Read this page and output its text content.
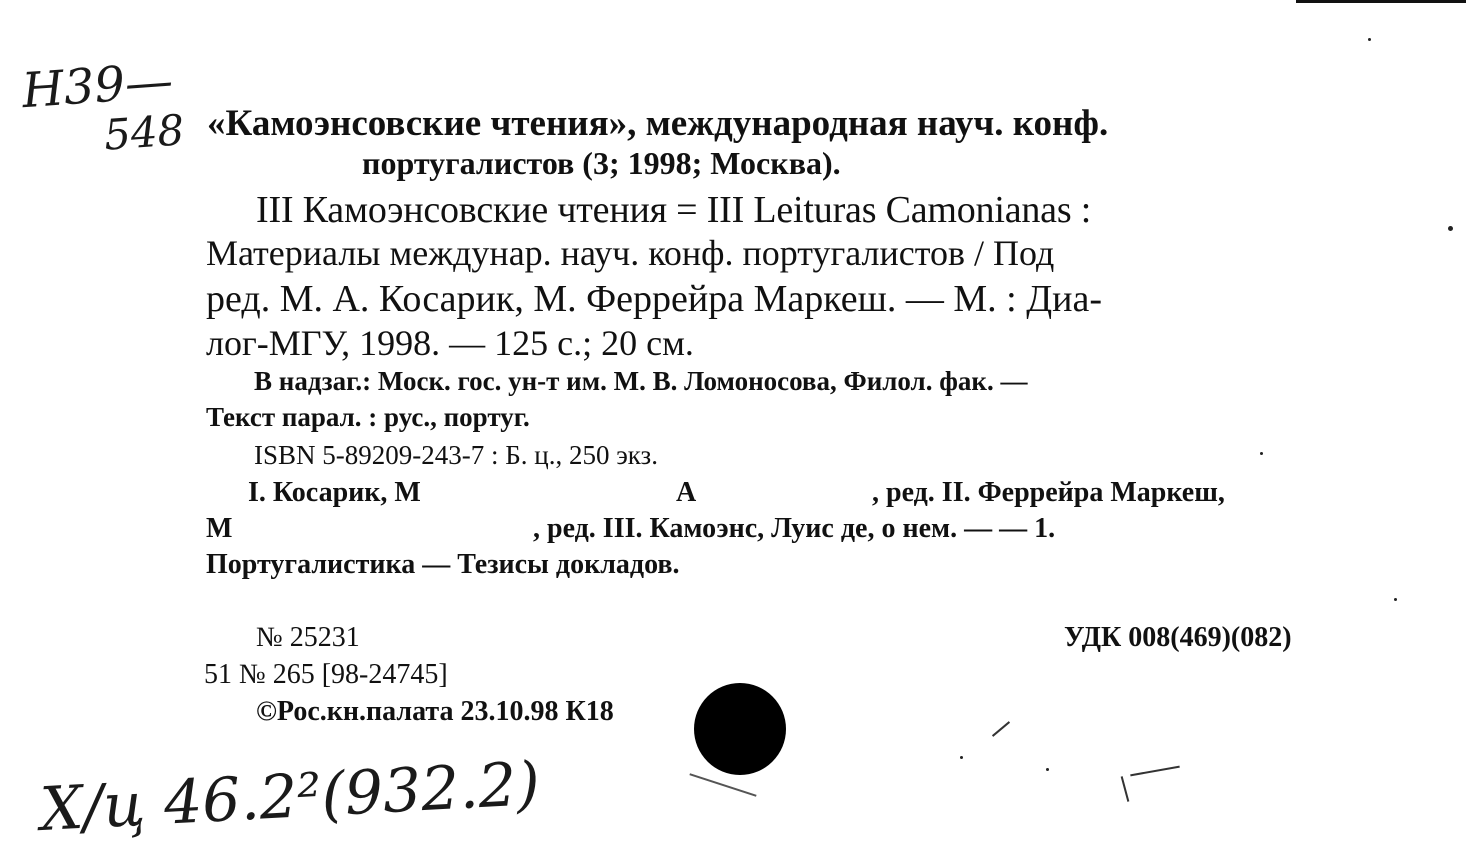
Н39—
548 «Камоэнсовские чтения», международная науч. конф.
португалистов (3; 1998; Москва).
III Камоэнсовские чтения = III Leituras Camonianas :
Материалы междунар. науч. конф. португалистов / Под
ред. М. А. Косарик, М. Феррейра Маркеш. — М. : Диа-
лог-МГУ, 1998. — 125 с.; 20 см.
В надзаг.: Моск. гос. ун-т им. М. В. Ломоносова, Филол. фак. —
Текст парал. : рус., португ.
ISBN 5-89209-243-7 : Б. ц., 250 экз.
I. Косарик, М	А	, ред. II. Феррейра Маркеш,
М	, ред. III. Камоэнс, Луис де, о нем. — — 1.
Португалистика — Тезисы докладов.
№ 25231	УДК 008(469)(082)
51 № 265 [98-24745]
©Рос.кн.палата 23.10.98 К18
Х/ц 46.2²(932.2)
